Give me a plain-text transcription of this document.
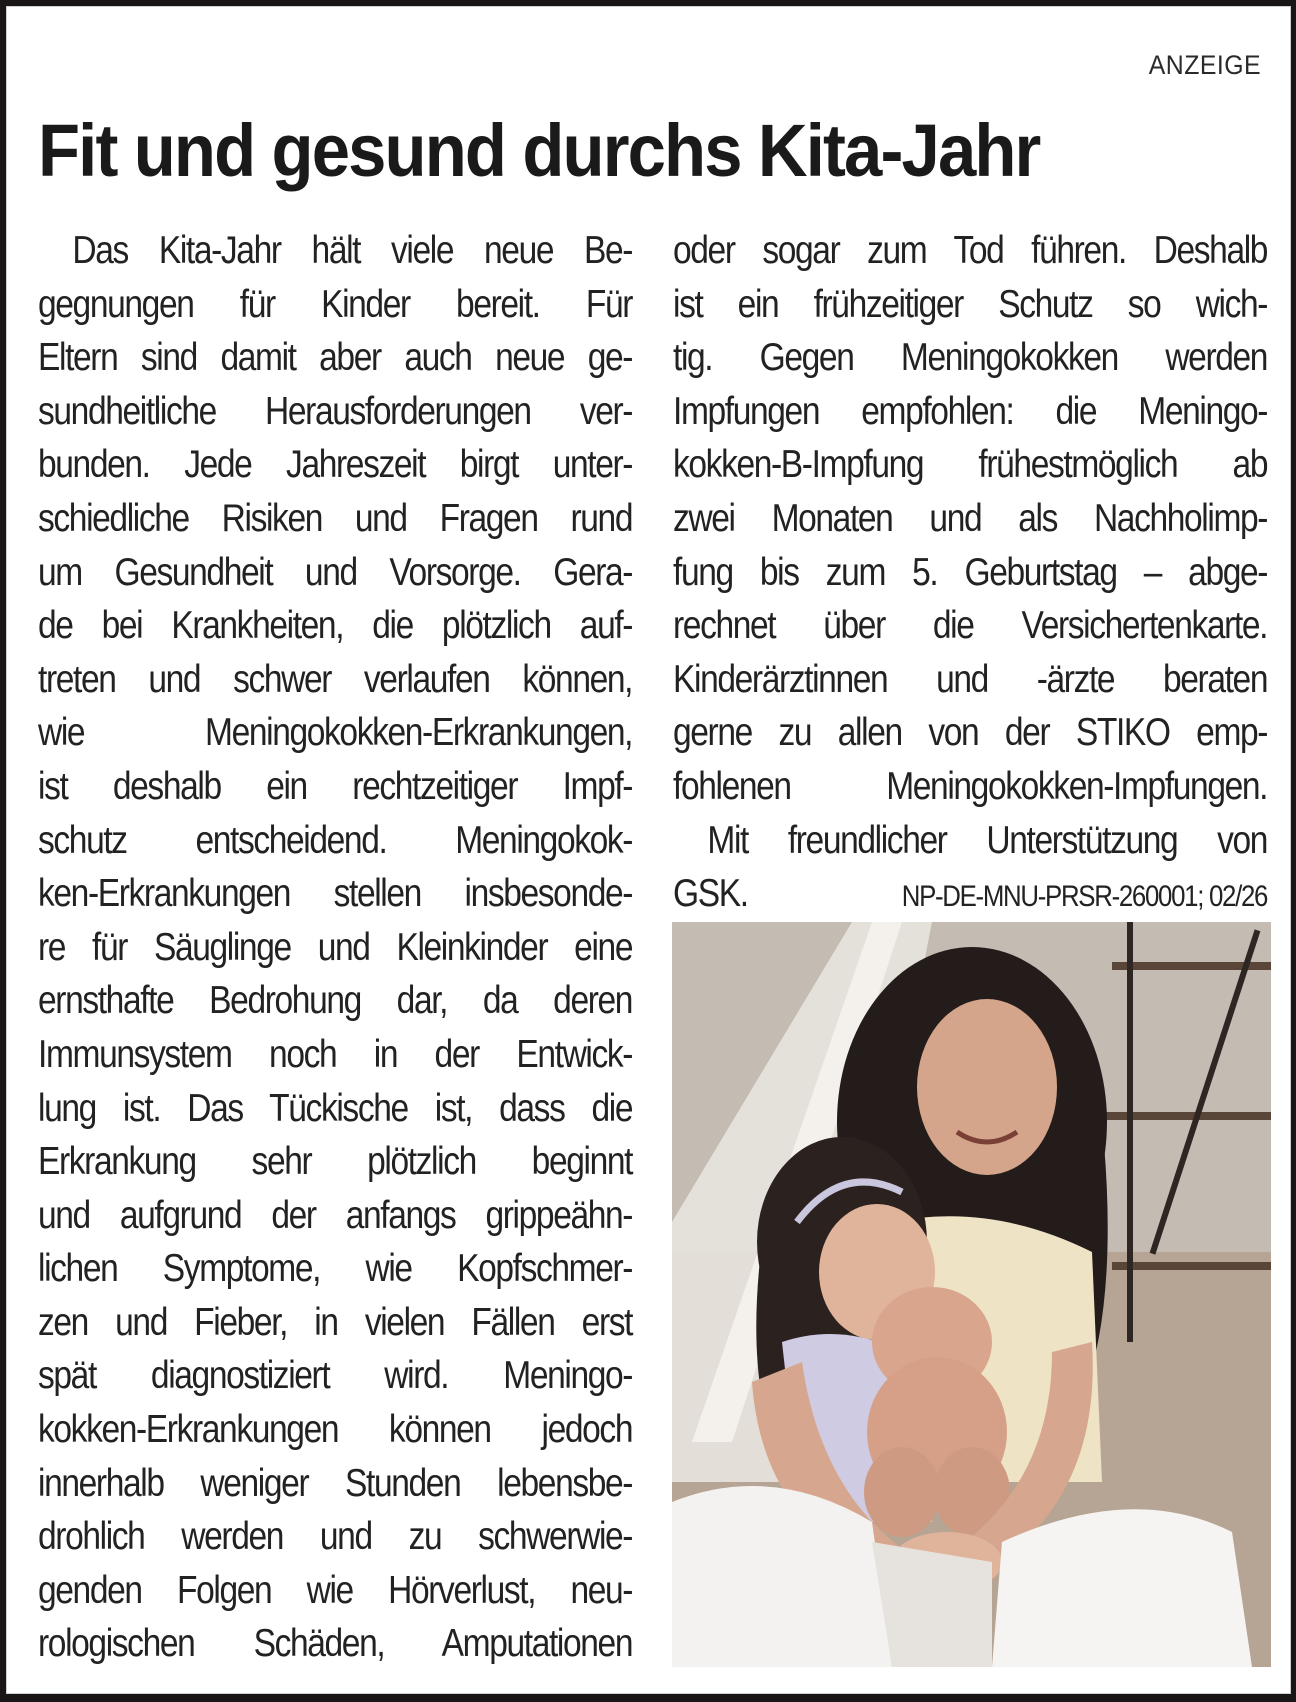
ANZEIGE
Fit und gesund durchs Kita-Jahr
Das Kita-Jahr hält viele neue Be-
gegnungen für Kinder bereit. Für
Eltern sind damit aber auch neue ge-
sundheitliche Herausforderungen ver-
bunden. Jede Jahreszeit birgt unter-
schiedliche Risiken und Fragen rund
um Gesundheit und Vorsorge. Gera-
de bei Krankheiten, die plötzlich auf-
treten und schwer verlaufen können,
wie Meningokokken-Erkrankungen,
ist deshalb ein rechtzeitiger Impf-
schutz entscheidend. Meningokok-
ken-Erkrankungen stellen insbesonde-
re für Säuglinge und Kleinkinder eine
ernsthafte Bedrohung dar, da deren
Immunsystem noch in der Entwick-
lung ist. Das Tückische ist, dass die
Erkrankung sehr plötzlich beginnt
und aufgrund der anfangs grippeähn-
lichen Symptome, wie Kopfschmer-
zen und Fieber, in vielen Fällen erst
spät diagnostiziert wird. Meningo-
kokken-Erkrankungen können jedoch
innerhalb weniger Stunden lebensbe-
drohlich werden und zu schwerwie-
genden Folgen wie Hörverlust, neu-
rologischen Schäden, Amputationen
oder sogar zum Tod führen. Deshalb
ist ein frühzeitiger Schutz so wich-
tig. Gegen Meningokokken werden
Impfungen empfohlen: die Meningo-
kokken-B-Impfung frühestmöglich ab
zwei Monaten und als Nachholimp-
fung bis zum 5. Geburtstag – abge-
rechnet über die Versichertenkarte.
Kinderärztinnen und -ärzte beraten
gerne zu allen von der STIKO emp-
fohlenen Meningokokken-Impfungen.
Mit freundlicher Unterstützung von
GSK.	NP-DE-MNU-PRSR-260001; 02/26
